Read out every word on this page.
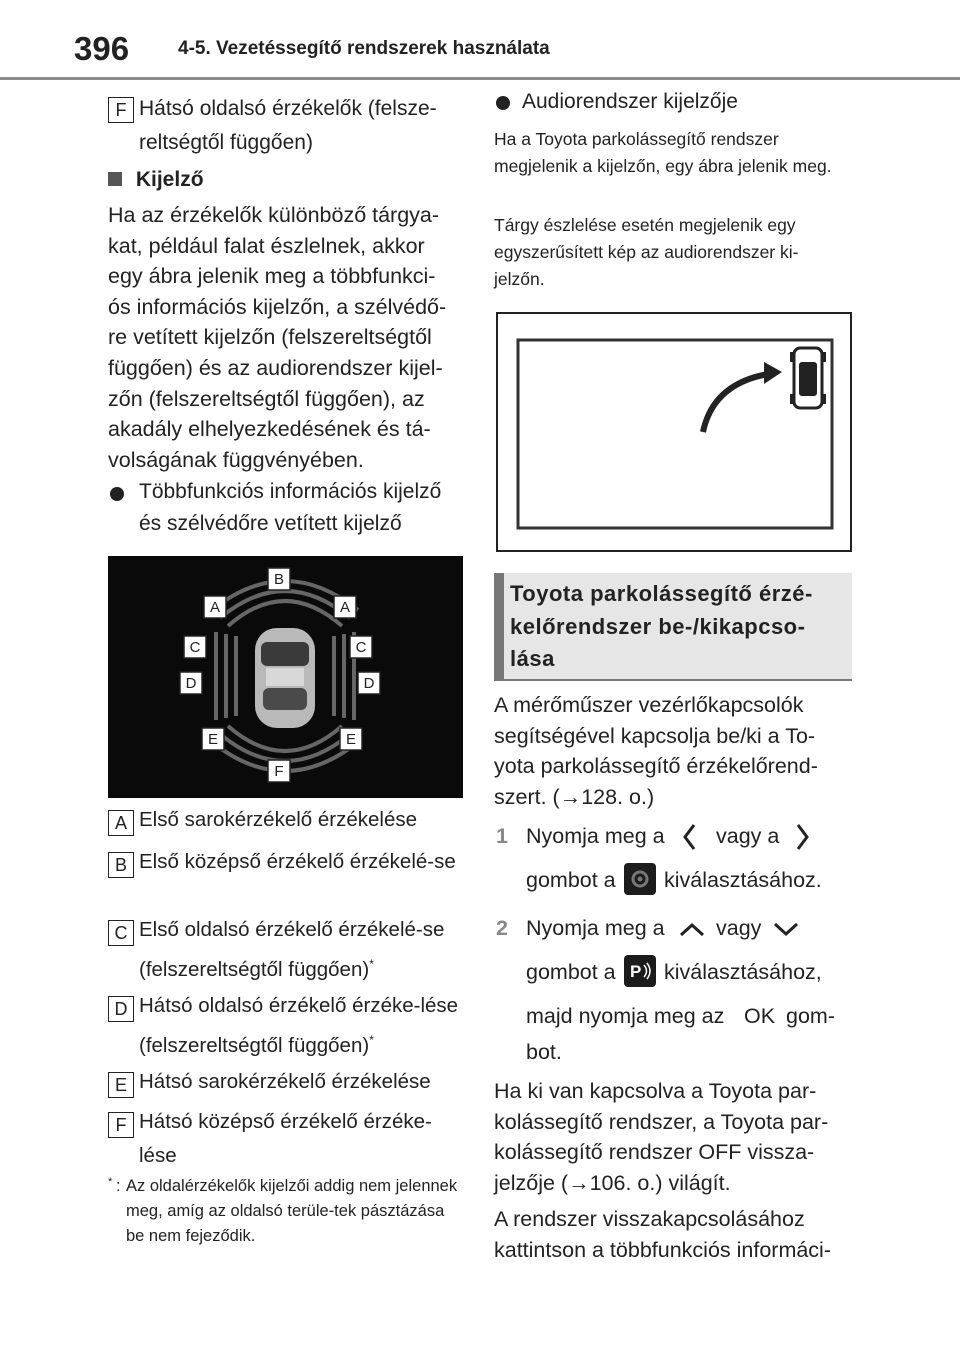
396	4-5. Vezetéssegítő rendszerek használata
F Hátsó oldalsó érzékelők (felsze-reltségtől függően)
Kijelző
Ha az érzékelők különböző tárgya-
kat, például falat észlelnek, akkor
egy ábra jelenik meg a többfunkci-
ós információs kijelzőn, a szélvédő-
re vetített kijelzőn (felszereltségtől
függően) és az audiorendszer kijel-
zőn (felszereltségtől függően), az
akadály elhelyezkedésének és tá-
volságának függvényében.
Többfunkciós információs kijelző és szélvédőre vetített kijelző
B
A	A
C	C
D	D
E	E
F
A Első sarokérzékelő érzékelése
B Első középső érzékelő érzékelé-se
C Első oldalsó érzékelő érzékelé-se (felszereltségtől függően)*
D Hátsó oldalsó érzékelő érzéke-lése (felszereltségtől függően)*
E Hátsó sarokérzékelő érzékelése
F Hátsó középső érzékelő érzéke-lése
* : Az oldalérzékelők kijelzői addig nem jelennek meg, amíg az oldalsó terüle-tek pásztázása be nem fejeződik.
Audiorendszer kijelzője
Ha a Toyota parkolássegítő rendszer megjelenik a kijelzőn, egy ábra jelenik meg.
Tárgy észlelése esetén megjelenik egy egyszerűsített kép az audiorendszer ki-jelzőn.
Toyota parkolássegítő érzé-kelőrendszer be-/kikapcso-lása
A mérőműszer vezérlőkapcsolók
segítségével kapcsolja be/ki a To-
yota parkolássegítő érzékelőrend-
szert. (→128. o.)
1 Nyomja meg a vagy a
gombot a kiválasztásához.
2 Nyomja meg a vagy
gombot a P kiválasztásához,
majd nyomja meg az OK gom-
bot.
Ha ki van kapcsolva a Toyota par-
kolássegítő rendszer, a Toyota par-
kolássegítő rendszer OFF vissza-
jelzője (→106. o.) világít.
A rendszer visszakapcsolásához
kattintson a többfunkciós informáci-
